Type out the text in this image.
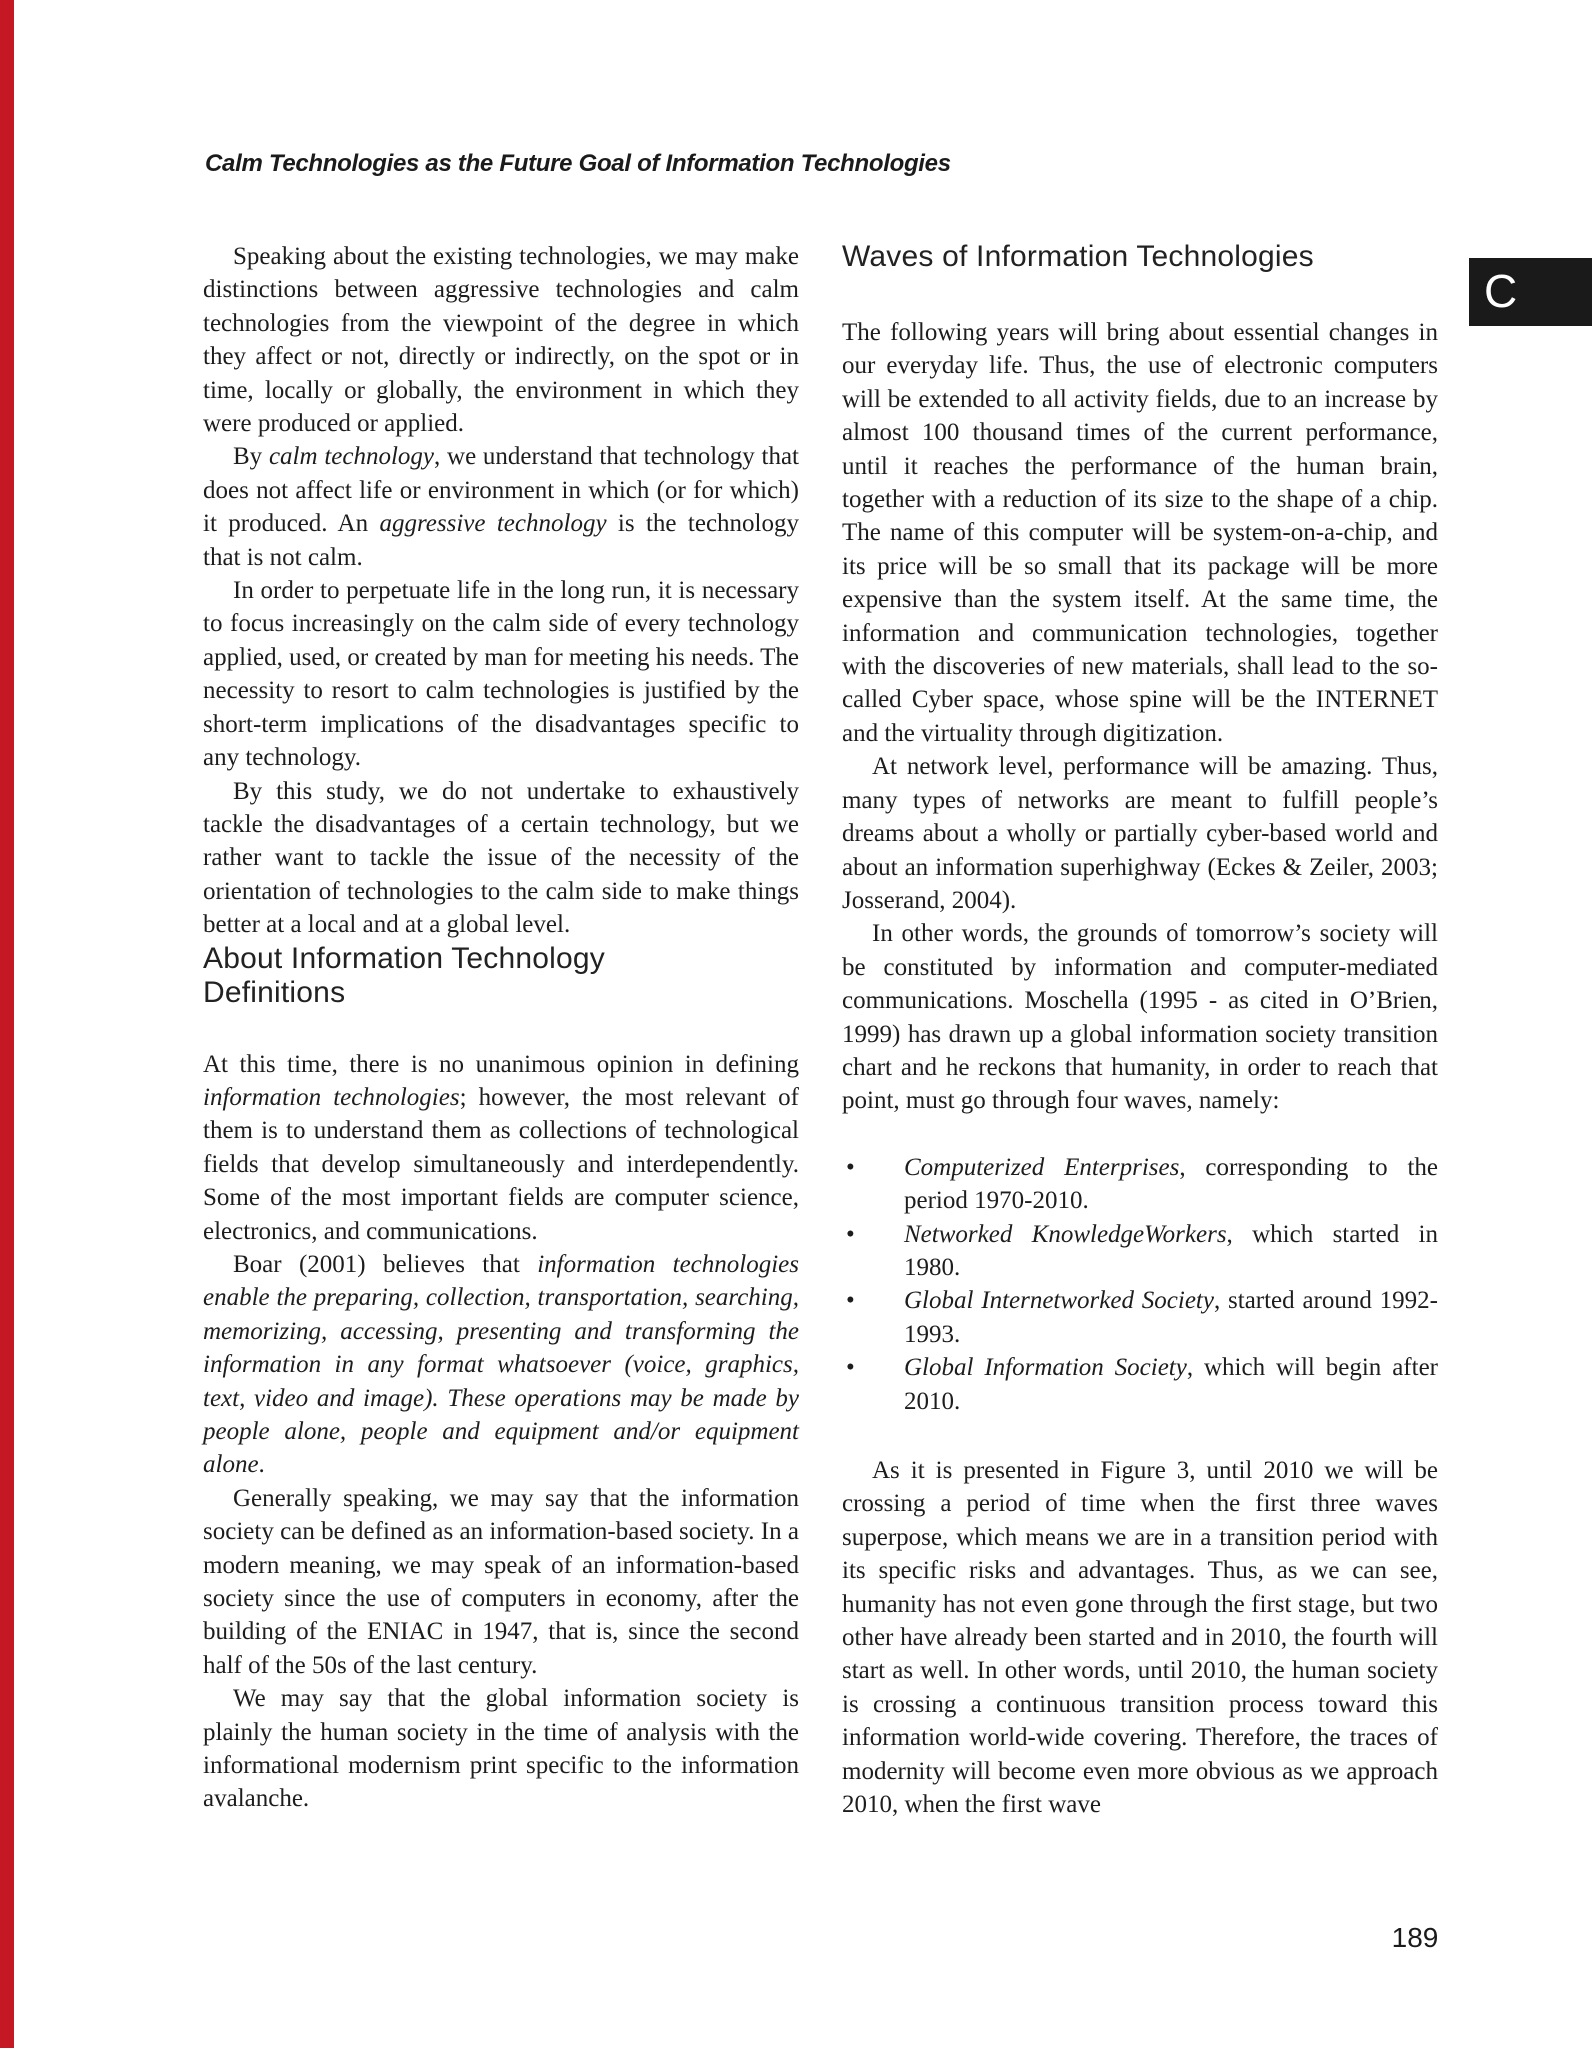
Calm Technologies as the Future Goal of Information Technologies
C

Speaking about the existing technologies, we may make distinctions between aggressive technologies and calm technologies from the viewpoint of the degree in which they affect or not, directly or indirectly, on the spot or in time, locally or globally, the environment in which they were produced or applied.

By calm technology, we understand that technology that does not affect life or environment in which (or for which) it produced. An aggressive technology is the technology that is not calm.

In order to perpetuate life in the long run, it is necessary to focus increasingly on the calm side of every technology applied, used, or created by man for meeting his needs. The necessity to resort to calm technologies is justified by the short-term implications of the disadvantages specific to any technology.

By this study, we do not undertake to exhaustively tackle the disadvantages of a certain technology, but we rather want to tackle the issue of the necessity of the orientation of technologies to the calm side to make things better at a local and at a global level.

About Information Technology

Definitions

At this time, there is no unanimous opinion in defining information technologies; however, the most relevant of them is to understand them as collections of technological fields that develop simultaneously and interdependently. Some of the most important fields are computer science, electronics, and communications.

Boar (2001) believes that information technologies enable the preparing, collection, transportation, searching, memorizing, accessing, presenting and transforming the information in any format whatsoever (voice, graphics, text, video and image). These operations may be made by people alone, people and equipment and/or equipment alone.

Generally speaking, we may say that the information society can be defined as an information-based society. In a modern meaning, we may speak of an information-based society since the use of computers in economy, after the building of the ENIAC in 1947, that is, since the second half of the 50s of the last century.

We may say that the global information society is plainly the human society in the time of analysis with the informational modernism print specific to the information avalanche.

Waves of Information Technologies

The following years will bring about essential changes in our everyday life. Thus, the use of electronic computers will be extended to all activity fields, due to an increase by almost 100 thousand times of the current performance, until it reaches the performance of the human brain, together with a reduction of its size to the shape of a chip. The name of this computer will be system-on-a-chip, and its price will be so small that its package will be more expensive than the system itself. At the same time, the information and communication technologies, together with the discoveries of new materials, shall lead to the so-called Cyber space, whose spine will be the INTERNET and the virtuality through digitization.

At network level, performance will be amazing. Thus, many types of networks are meant to fulfill people’s dreams about a wholly or partially cyber-based world and about an information superhighway (Eckes & Zeiler, 2003; Josserand, 2004).

In other words, the grounds of tomorrow’s society will be constituted by information and computer-mediated communications. Moschella (1995 - as cited in O’Brien, 1999) has drawn up a global information society transition chart and he reckons that humanity, in order to reach that point, must go through four waves, namely:

• Computerized Enterprises, corresponding to the period 1970-2010.

• Networked KnowledgeWorkers, which started in 1980.

• Global Internetworked Society, started around 1992-1993.

• Global Information Society, which will begin after 2010.

As it is presented in Figure 3, until 2010 we will be crossing a period of time when the first three waves superpose, which means we are in a transition period with its specific risks and advantages. Thus, as we can see, humanity has not even gone through the first stage, but two other have already been started and in 2010, the fourth will start as well. In other words, until 2010, the human society is crossing a continuous transition process toward this information world-wide covering. Therefore, the traces of modernity will become even more obvious as we approach 2010, when the first wave

189
